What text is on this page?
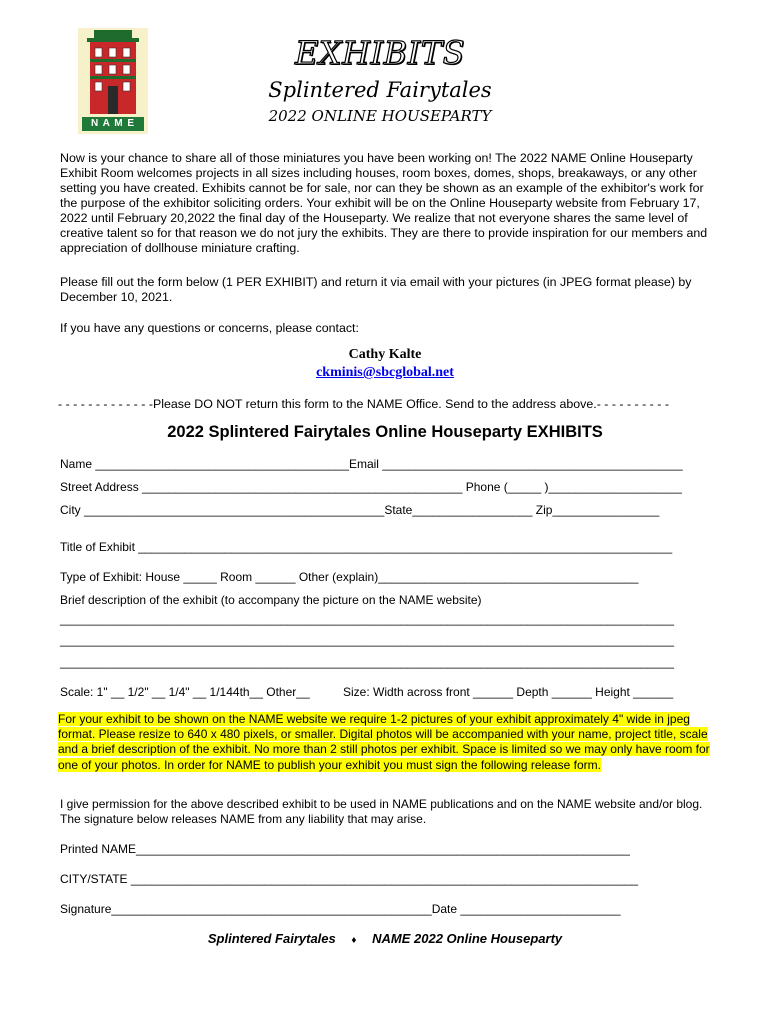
N A M E
EXHIBITS
Splintered Fairytales
2022 ONLINE HOUSEPARTY

Now is your chance to share all of those miniatures you have been working on! The 2022 NAME Online Houseparty Exhibit Room welcomes projects in all sizes including houses, room boxes, domes, shops, breakaways, or any other setting you have created. Exhibits cannot be for sale, nor can they be shown as an example of the exhibitor's work for the purpose of the exhibitor soliciting orders. Your exhibit will be on the Online Houseparty website from February 17, 2022 until February 20,2022 the final day of the Houseparty. We realize that not everyone shares the same level of creative talent so for that reason we do not jury the exhibits. They are there to provide inspiration for our members and appreciation of dollhouse miniature crafting.

Please fill out the form below (1 PER EXHIBIT) and return it via email with your pictures (in JPEG format please) by December 10, 2021.

If you have any questions or concerns, please contact:

Cathy Kalte
ckminis@sbcglobal.net
- - - - - - - - - - - - -Please DO NOT return this form to the NAME Office. Send to the address above.- - - - - - - - - -
2022 Splintered Fairytales Online Houseparty EXHIBITS
Name ______________________________________Email _____________________________________________
Street Address ________________________________________________ Phone (_____ )____________________
City _____________________________________________State__________________ Zip________________
Title of Exhibit ________________________________________________________________________________
Type of Exhibit: House _____ Room ______ Other (explain)_______________________________________
Brief description of the exhibit (to accompany the picture on the NAME website)
____________________________________________________________________________________________
____________________________________________________________________________________________
____________________________________________________________________________________________
Scale: 1" __ 1/2" __ 1/4" __ 1/144th__ Other__	Size: Width across front ______ Depth ______ Height ______
For your exhibit to be shown on the NAME website we require 1-2 pictures of your exhibit approximately 4" wide in jpeg format. Please resize to 640 x 480 pixels, or smaller. Digital photos will be accompanied with your name, project title, scale and a brief description of the exhibit. No more than 2 still photos per exhibit. Space is limited so we may only have room for one of your photos. In order for NAME to publish your exhibit you must sign the following release form.

I give permission for the above described exhibit to be used in NAME publications and on the NAME website and/or blog. The signature below releases NAME from any liability that may arise.

Printed NAME__________________________________________________________________________
CITY/STATE ____________________________________________________________________________
Signature________________________________________________Date ________________________
Splintered Fairytales ♦ NAME 2022 Online Houseparty
